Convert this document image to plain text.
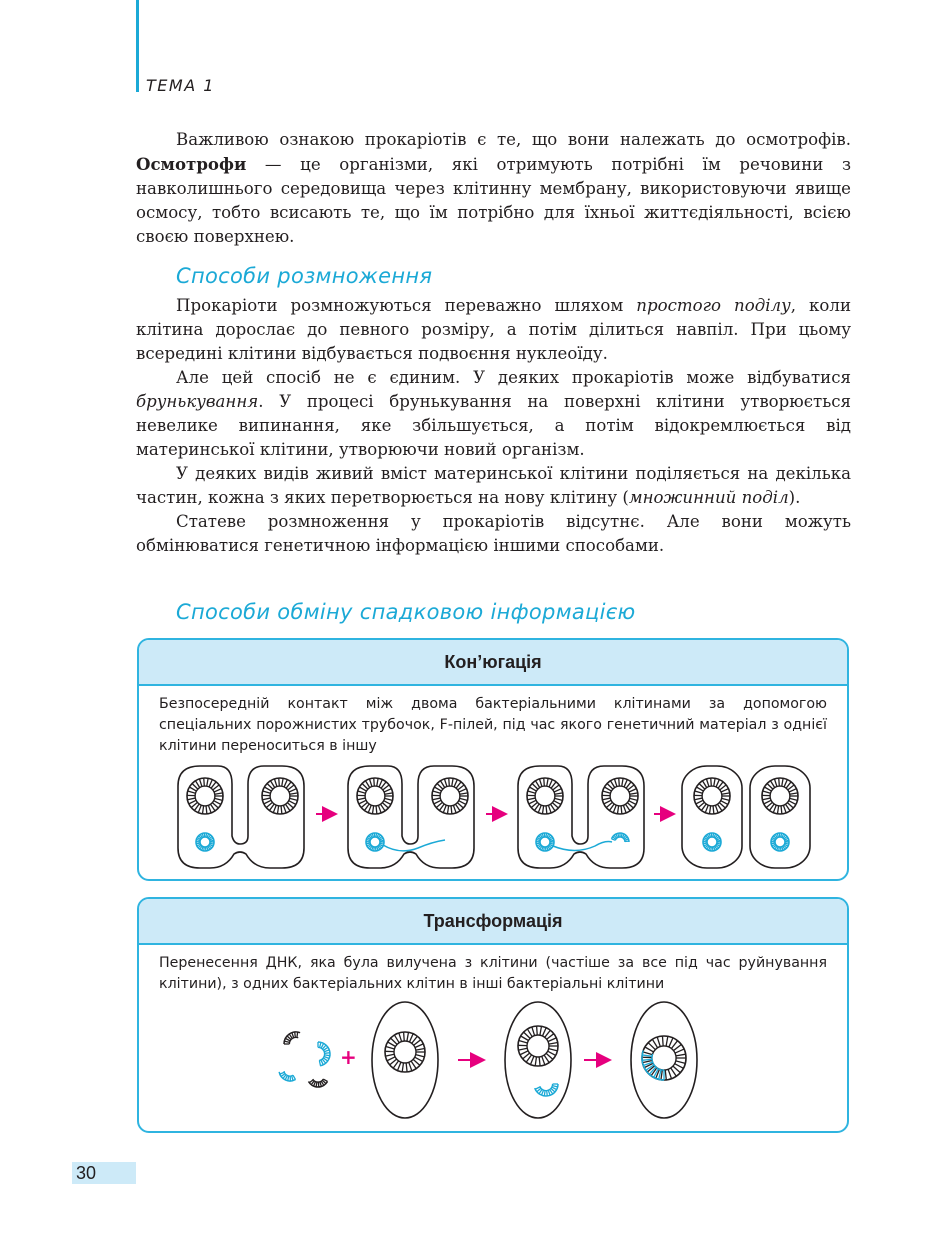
ТЕМА 1

Важливою ознакою прокаріотів є те, що вони належать до осмотрофів. Осмотрофи — це організми, які отримують потрібні їм речовини з навколишнього середовища через клітинну мембрану, використовуючи явище осмосу, тобто всисають те, що їм потрібно для їхньої життєдіяльності, всією своєю поверхнею.

Способи розмноження

Прокаріоти розмножуються переважно шляхом простого поділу, коли клітина дорослає до певного розміру, а потім ділиться навпіл. При цьому всередині клітини відбувається подвоєння нуклеоїду.

Але цей спосіб не є єдиним. У деяких прокаріотів може відбуватися брунькування. У процесі брунькування на поверхні клітини утворюється невелике випинання, яке збільшується, а потім відокремлюється від материнської клітини, утворюючи новий організм.

У деяких видів живий вміст материнської клітини поділяється на декілька частин, кожна з яких перетворюється на нову клітину (множинний поділ).

Статеве розмноження у прокаріотів відсутнє. Але вони можуть обмінюватися генетичною інформацією іншими способами.

Способи обміну спадковою інформацією
Кон’югація

Безпосередній контакт між двома бактеріальними клітинами за допомогою спеціальних порожнистих трубочок, F-пілей, під час якого генетичний матеріал з однієї клітини переноситься в іншу

Трансформація

Перенесення ДНК, яка була вилучена з клітини (частіше за все під час руйнування клітини), з одних бактеріальних клітин в інші бактеріальні клітини

+
30
